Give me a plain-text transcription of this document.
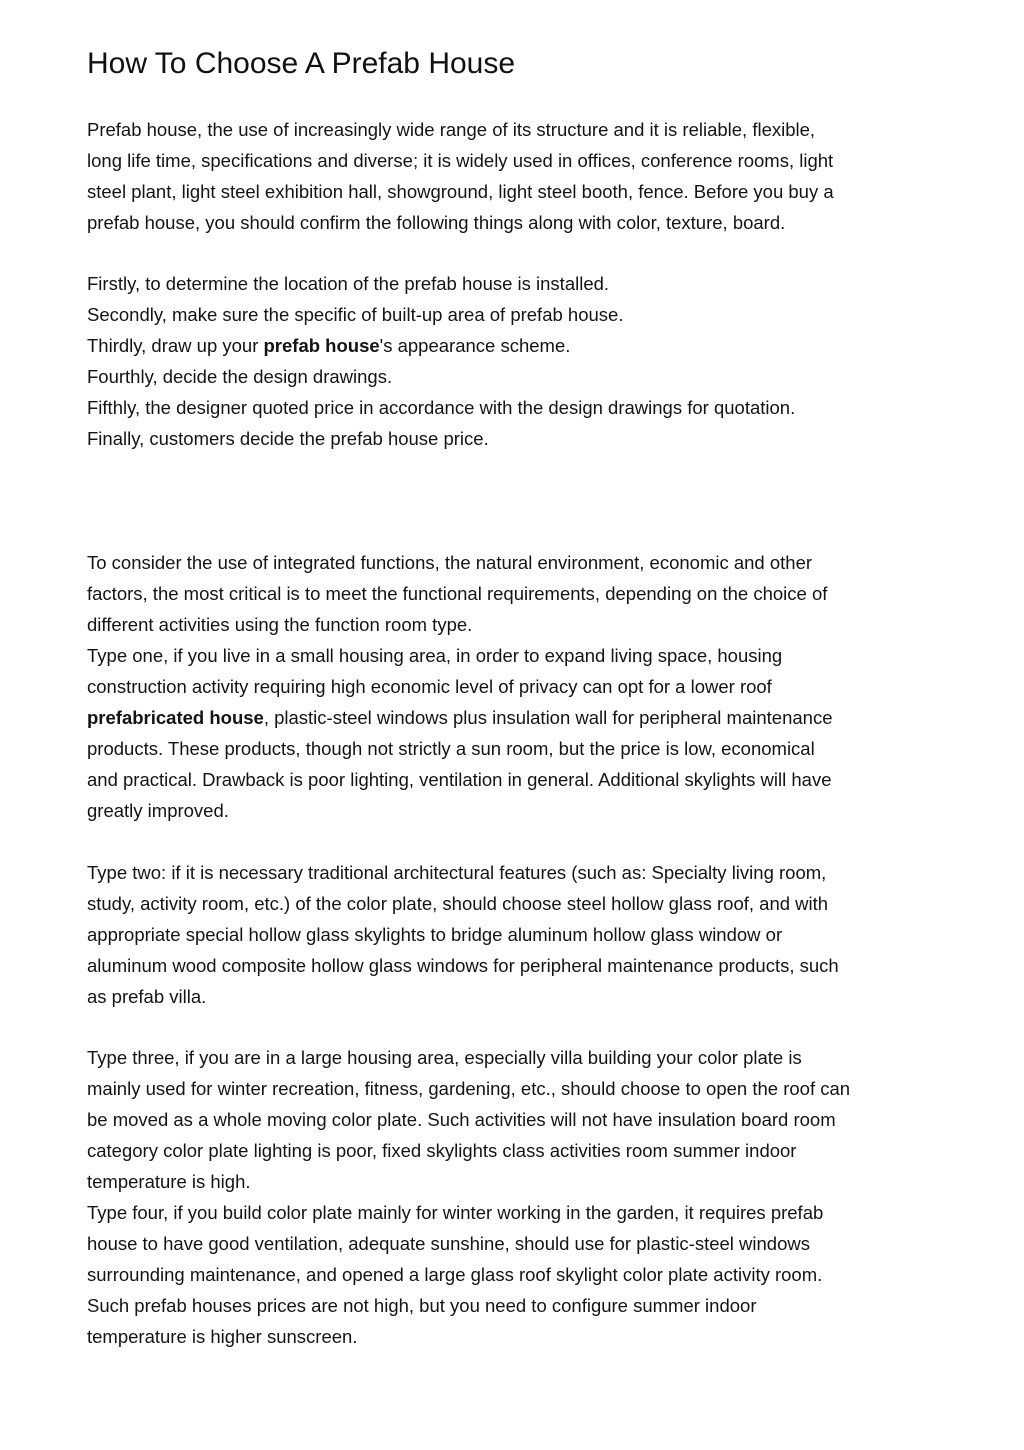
How To Choose A Prefab House
Prefab house, the use of increasingly wide range of its structure and it is reliable, flexible,
long life time, specifications and diverse; it is widely used in offices, conference rooms, light
steel plant, light steel exhibition hall, showground, light steel booth, fence. Before you buy a
prefab house, you should confirm the following things along with color, texture, board.
Firstly, to determine the location of the prefab house is installed.
Secondly, make sure the specific of built-up area of prefab house.
Thirdly, draw up your prefab house's appearance scheme.
Fourthly, decide the design drawings.
Fifthly, the designer quoted price in accordance with the design drawings for quotation.
Finally, customers decide the prefab house price.
To consider the use of integrated functions, the natural environment, economic and other
factors, the most critical is to meet the functional requirements, depending on the choice of
different activities using the function room type.
Type one, if you live in a small housing area, in order to expand living space, housing
construction activity requiring high economic level of privacy can opt for a lower roof
prefabricated house, plastic-steel windows plus insulation wall for peripheral maintenance
products. These products, though not strictly a sun room, but the price is low, economical
and practical. Drawback is poor lighting, ventilation in general. Additional skylights will have
greatly improved.
Type two: if it is necessary traditional architectural features (such as: Specialty living room,
study, activity room, etc.) of the color plate, should choose steel hollow glass roof, and with
appropriate special hollow glass skylights to bridge aluminum hollow glass window or
aluminum wood composite hollow glass windows for peripheral maintenance products, such
as prefab villa.
Type three, if you are in a large housing area, especially villa building your color plate is
mainly used for winter recreation, fitness, gardening, etc., should choose to open the roof can
be moved as a whole moving color plate. Such activities will not have insulation board room
category color plate lighting is poor, fixed skylights class activities room summer indoor
temperature is high.
Type four, if you build color plate mainly for winter working in the garden, it requires prefab
house to have good ventilation, adequate sunshine, should use for plastic-steel windows
surrounding maintenance, and opened a large glass roof skylight color plate activity room.
Such prefab houses prices are not high, but you need to configure summer indoor
temperature is higher sunscreen.
